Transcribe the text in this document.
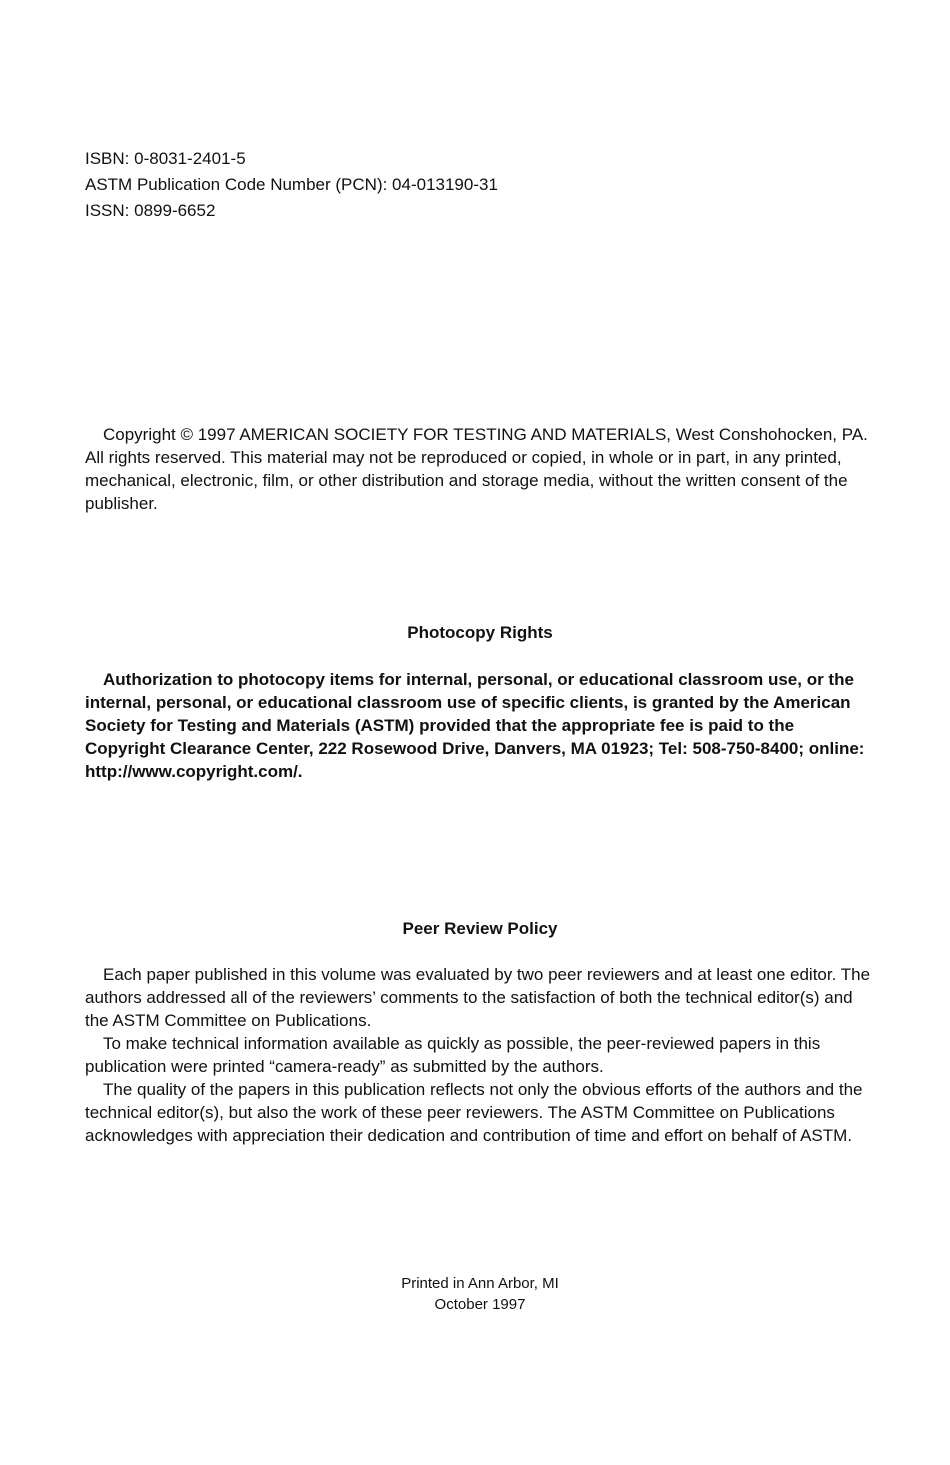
ISBN: 0-8031-2401-5
ASTM Publication Code Number (PCN): 04-013190-31
ISSN: 0899-6652
Copyright © 1997 AMERICAN SOCIETY FOR TESTING AND MATERIALS, West Conshohocken, PA. All rights reserved. This material may not be reproduced or copied, in whole or in part, in any printed, mechanical, electronic, film, or other distribution and storage media, without the written consent of the publisher.
Photocopy Rights
Authorization to photocopy items for internal, personal, or educational classroom use, or the internal, personal, or educational classroom use of specific clients, is granted by the American Society for Testing and Materials (ASTM) provided that the appropriate fee is paid to the Copyright Clearance Center, 222 Rosewood Drive, Danvers, MA 01923; Tel: 508-750-8400; online: http://www.copyright.com/.
Peer Review Policy

Each paper published in this volume was evaluated by two peer reviewers and at least one editor. The authors addressed all of the reviewers’ comments to the satisfaction of both the technical editor(s) and the ASTM Committee on Publications.

To make technical information available as quickly as possible, the peer-reviewed papers in this publication were printed “camera-ready” as submitted by the authors.

The quality of the papers in this publication reflects not only the obvious efforts of the authors and the technical editor(s), but also the work of these peer reviewers. The ASTM Committee on Publications acknowledges with appreciation their dedication and contribution of time and effort on behalf of ASTM.

Printed in Ann Arbor, MI
October 1997
